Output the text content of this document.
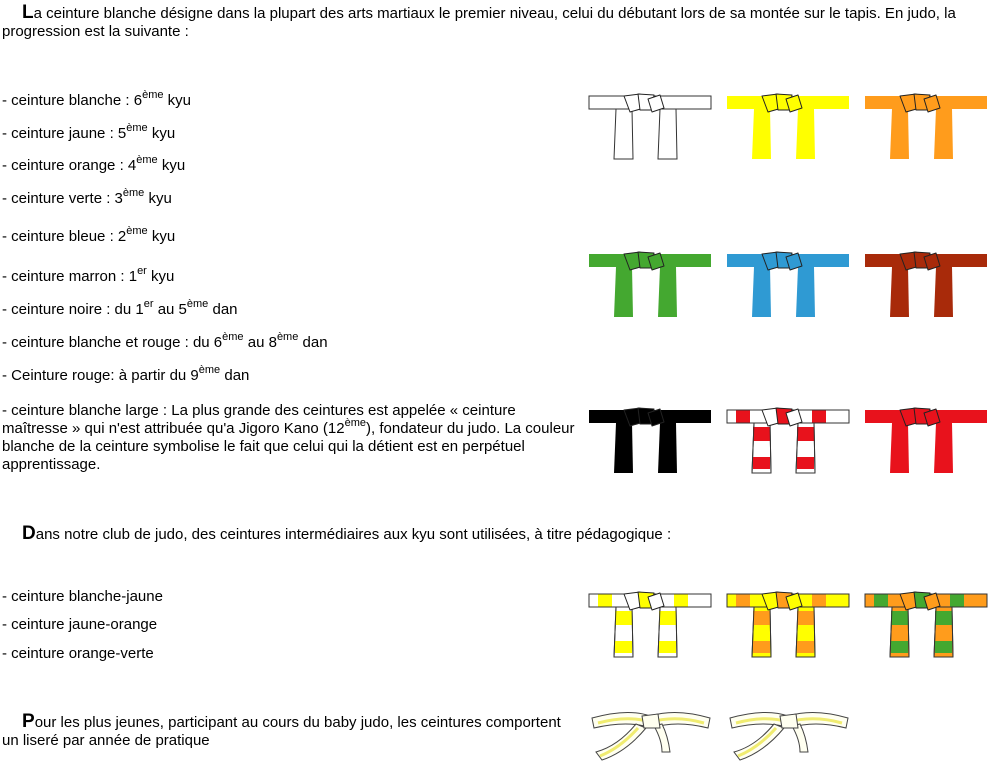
La ceinture blanche désigne dans la plupart des arts martiaux le premier niveau, celui du débutant lors de sa montée sur le tapis. En judo, la progression est la suivante :
- ceinture blanche : 6ème kyu
- ceinture jaune : 5ème kyu
- ceinture orange : 4ème kyu
- ceinture verte : 3ème kyu
- ceinture bleue : 2ème kyu
- ceinture marron : 1er kyu
- ceinture noire : du 1er au 5ème dan
- ceinture blanche et rouge : du 6ème au 8ème dan
- Ceinture rouge: à partir du 9ème dan
- ceinture blanche large : La plus grande des ceintures est appelée « ceinture maîtresse » qui n'est attribuée qu'a Jigoro Kano (12ème), fondateur du judo. La couleur blanche de la ceinture symbolise le fait que celui qui la détient est en perpétuel apprentissage.
Dans notre club de judo, des ceintures intermédiaires aux kyu sont utilisées, à titre pédagogique :
- ceinture blanche-jaune
- ceinture jaune-orange
- ceinture orange-verte
Pour les plus jeunes, participant au cours du baby judo, les ceintures comportent un liseré par année de pratique
